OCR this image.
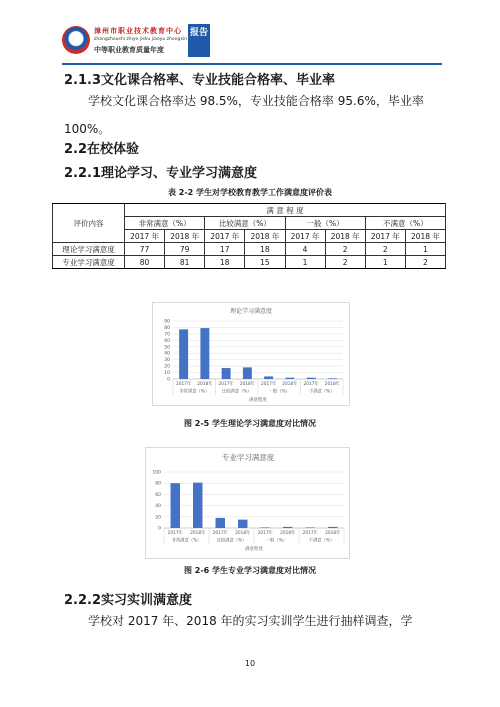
漳州市职业技术教育中心
zhangzhoushi zhiye jishu jiaoyu zhongxin
中等职业教育质量年度
报告
2.1.3文化课合格率、专业技能合格率、毕业率
学校文化课合格率达 98.5%，专业技能合格率 95.6%，毕业率 100%。
2.2在校体验
2.2.1理论学习、专业学习满意度
表 2-2 学生对学校教育教学工作满意度评价表
评价内容	满 意 程 度							
	非常满意（%）		比较满意（%）		一般（%）		不满意（%）	
	2017 年	2018 年	2017 年	2018 年	2017 年	2018 年	2017 年	2018 年
理论学习满意度	77	79	17	18	4	2	2	1
专业学习满意度	80	81	18	15	1	2	1	2
理论学习满意度
0
10
20
30
40
50
60
70
80
90
2017年 2018年 2017年 2018年 2017年 2018年 2017年 2018年
非常满意（%）	比较满意（%）	一般（%）	不满意（%）
满意程度
图 2-5 学生理论学习满意度对比情况
专业学习满意度
0
20
40
60
80
100
2017年 2018年 2017年 2018年 2017年 2018年 2017年 2018年
非常满意（%）	比较满意（%）	一般（%）	不满意（%）
满意程度
图 2-6 学生专业学习满意度对比情况
2.2.2实习实训满意度
学校对 2017 年、2018 年的实习实训学生进行抽样调查，学
10
